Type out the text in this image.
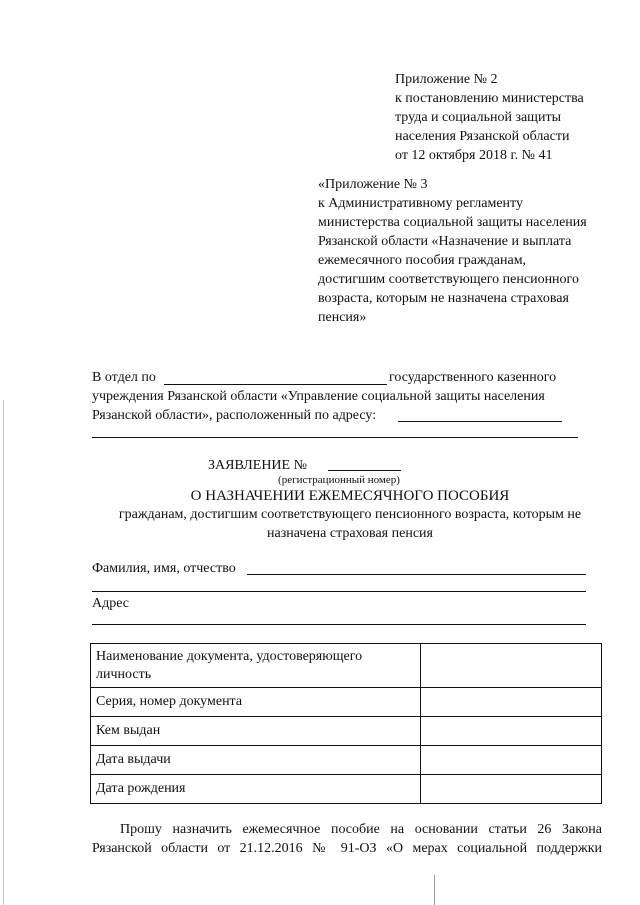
Приложение № 2
к постановлению министерства
труда и социальной защиты
населения Рязанской области
от 12 октября 2018 г. № 41
«Приложение № 3
к Административному регламенту
министерства социальной защиты населения
Рязанской области «Назначение и выплата
ежемесячного пособия гражданам,
достигшим соответствующего пенсионного
возраста, которым не назначена страховая
пенсия»
В отдел по	государственного казенного
учреждения Рязанской области «Управление социальной защиты населения
Рязанской области», расположенный по адресу:
ЗАЯВЛЕНИЕ №
(регистрационный номер)
О НАЗНАЧЕНИИ ЕЖЕМЕСЯЧНОГО ПОСОБИЯ
гражданам, достигшим соответствующего пенсионного возраста, которым не
назначена страховая пенсия
Фамилия, имя, отчество
Адрес
Наименование документа, удостоверяющего личность	
Серия, номер документа	
Кем выдан	
Дата выдачи	
Дата рождения	
Прошу назначить ежемесячное пособие на основании статьи 26 Закона
Рязанской области от 21.12.2016 № 91-ОЗ «О мерах социальной поддержки
